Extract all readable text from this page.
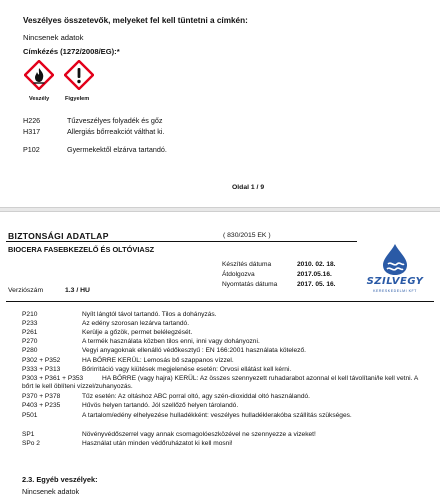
Veszélyes összetevők, melyeket fel kell tüntetni a címkén:
Nincsenek adatok
Címkézés (1272/2008/EG):*
Veszély	Figyelem
H226	Tűzveszélyes folyadék és gőz
H317	Allergiás bőrreakciót válthat ki.
P102	Gyermekektől elzárva tartandó.
Oldal 1 / 9
BIZTONSÁGI ADATLAP	( 830/2015 EK )
BIOCERA FASEBKEZELŐ ÉS OLTÓVIASZ
Készítés dátuma	2010. 02. 18.
Átdolgozva	2017.05.16.
Nyomtatás dátuma	2017. 05. 16.
Verziószám	1.3 / HU
SZILVEGY
KERESKEDELMI KFT
P210	Nyílt lángtól távol tartandó. Tilos a dohányzás.
P233	Az edény szorosan lezárva tartandó.
P261	Kerülje a gőzök, permet belélegzését.
P270	A termék használata közben tilos enni, inni vagy dohányozni.
P280	Vegyi anyagoknak ellenálló védőkesztyű : EN 166:2001 használata kötelező.
P302 + P352	HA BŐRRE KERÜL: Lemosás bő szappanos vízzel.
P333 + P313	Bőrirritáció vagy kiütések megjelenése esetén: Orvosi ellátást kell kérni.
P303 + P361 + P353	HA BŐRRE (vagy hajra) KERÜL: Az összes szennyezett ruhadarabot azonnal el kell távolítani/le kell vetni. A bőrt le kell öblíteni vízzel/zuhanyozás.
P370 + P378	Tűz esetén: Az oltáshoz ABC porral oltó, agy szén-dioxiddal oltó használandó.
P403 + P235	Hűvös helyen tartandó. Jól szellőző helyen tárolandó.
P501	A tartalom/edény elhelyezése hulladékként: veszélyes hulladéklerakóba szállítás szükséges.
SP1	Növényvédőszerrel vagy annak csomagolóeszközével ne szennyezze a vizeket!
SPo 2	Használat után minden védőruházatot ki kell mosni!
2.3. Egyéb veszélyek:
Nincsenek adatok
